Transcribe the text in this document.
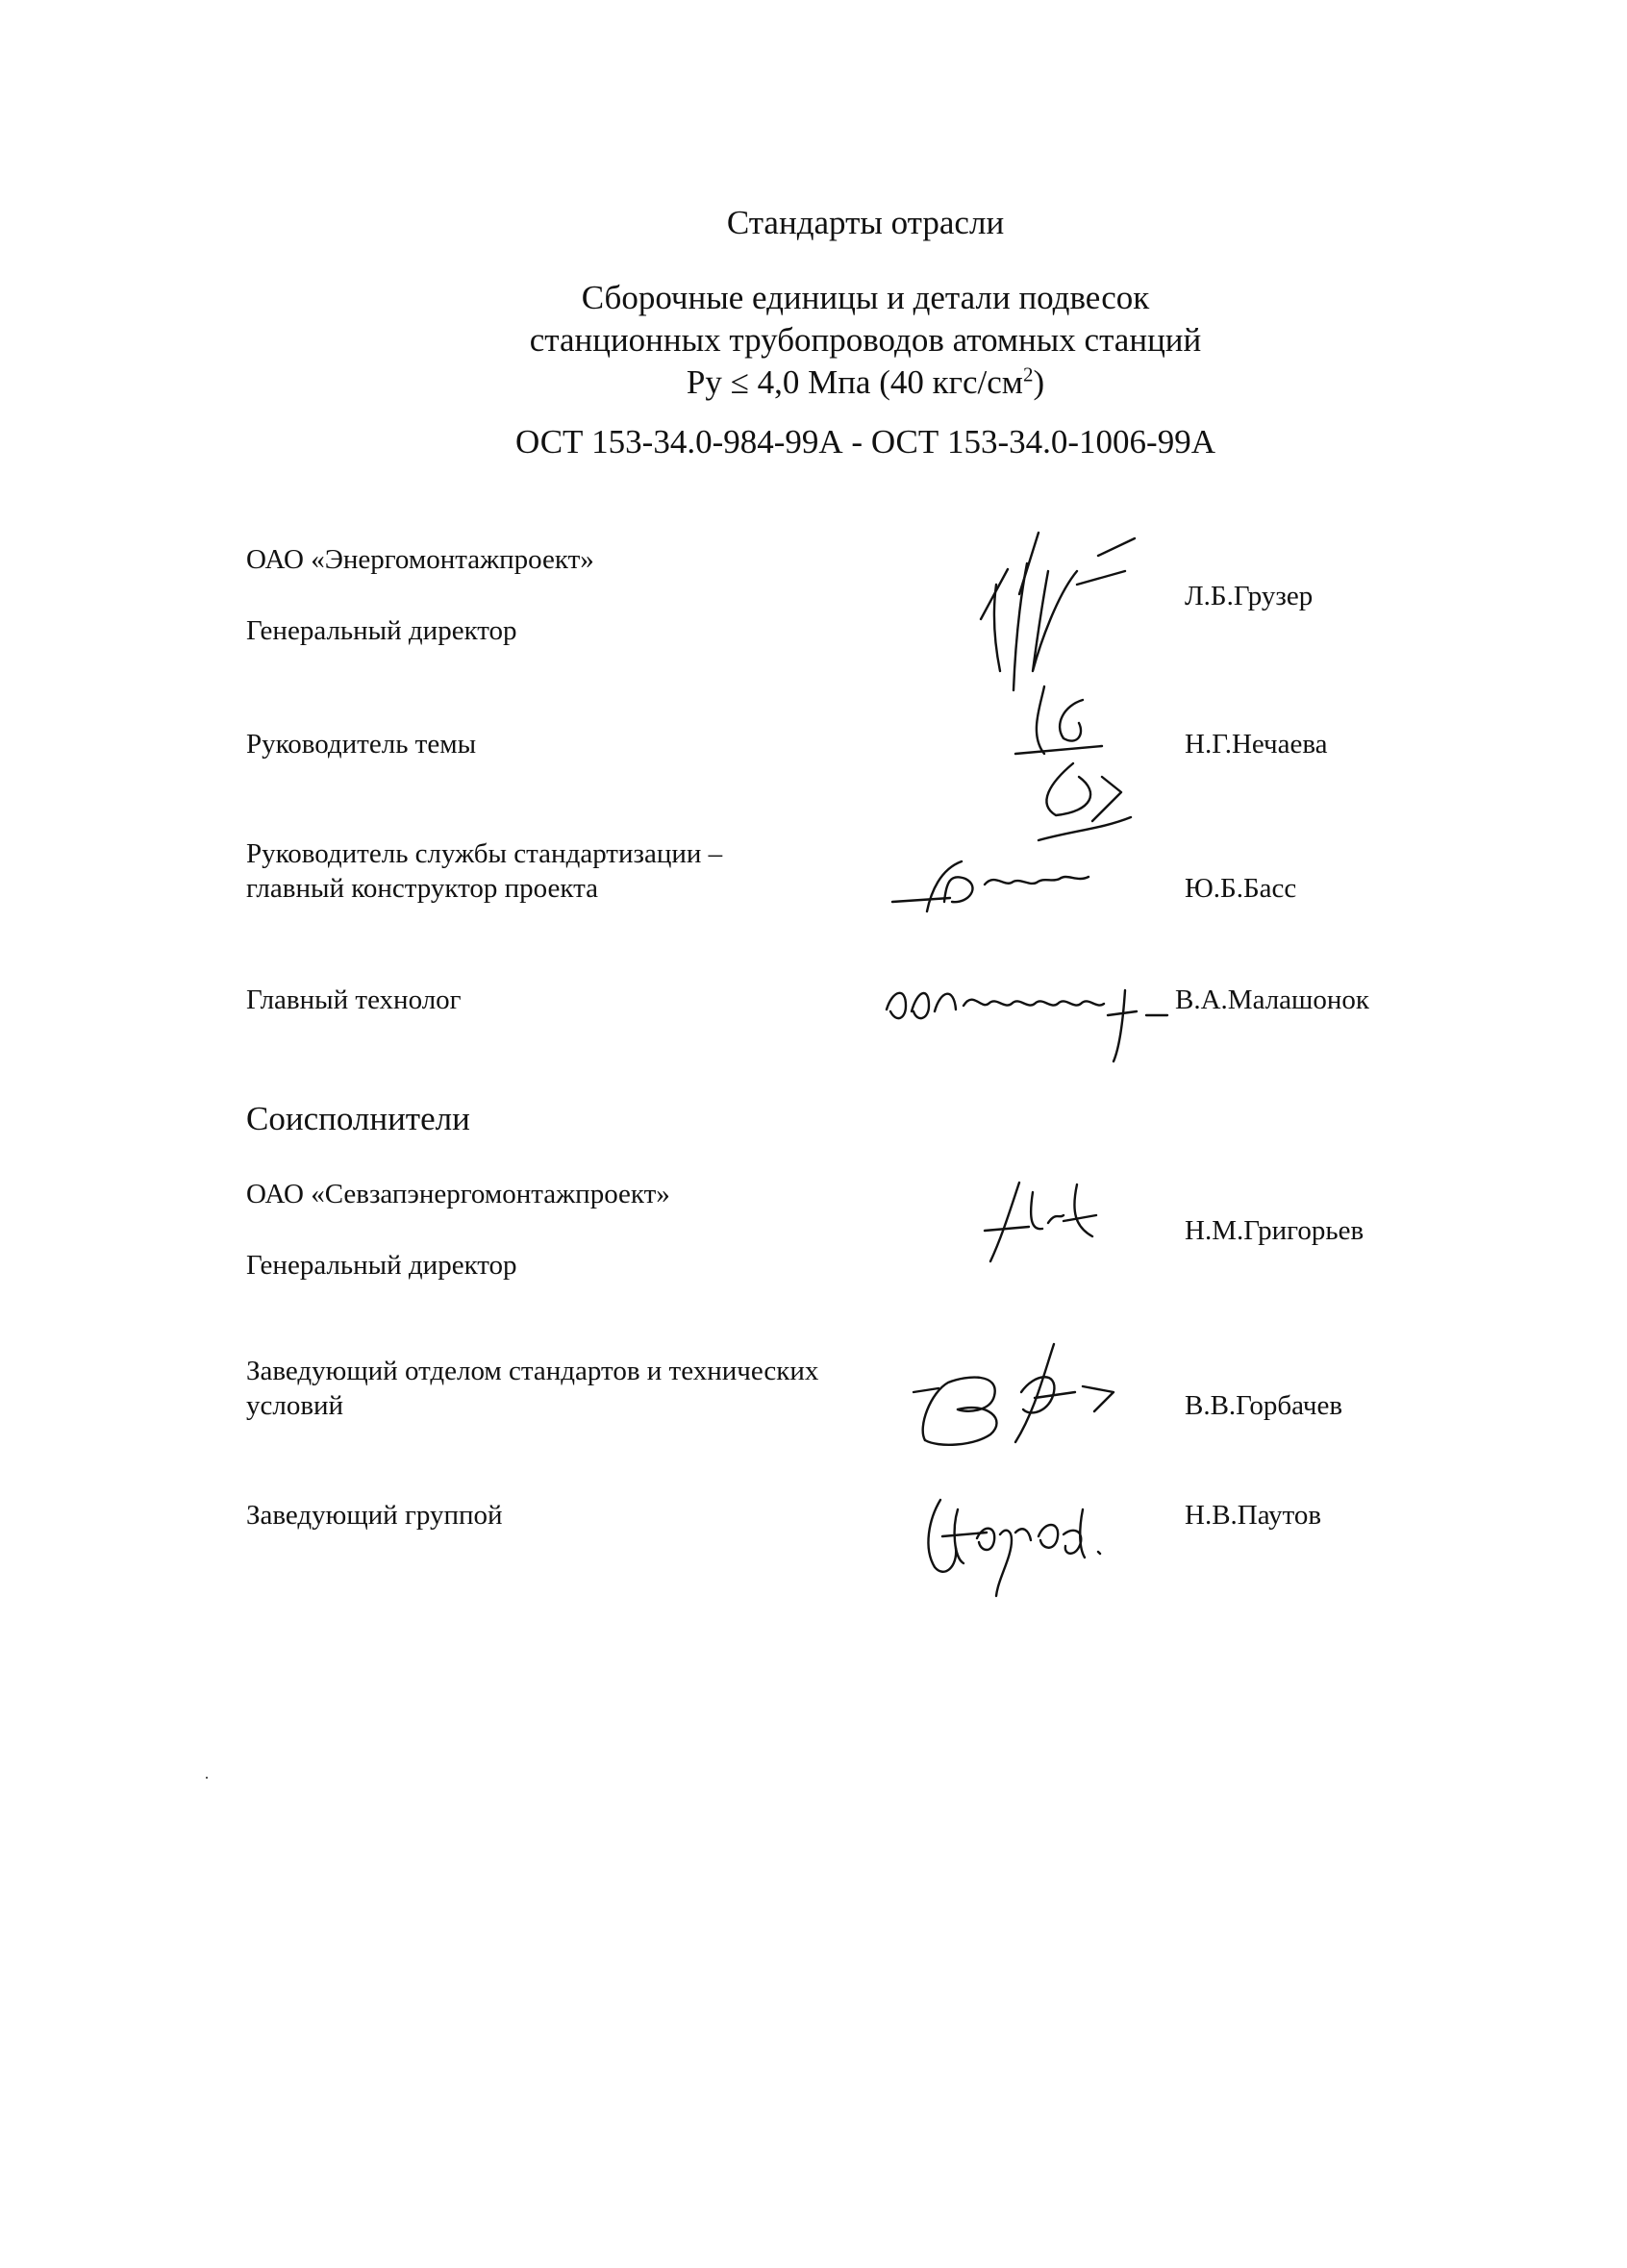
Стандарты отрасли
Сборочные единицы и детали подвесок
станционных трубопроводов атомных станций
Ру ≤ 4,0 Мпа (40 кгс/$см^2$)
ОСТ 153-34.0-984-99А - ОСТ 153-34.0-1006-99А
ОАО «Энергомонтажпроект»
Генеральный директор
Л.Б.Грузер
Руководитель темы	Н.Г.Нечаева
Руководитель службы стандартизации –
главный конструктор проекта	Ю.Б.Басс
Главный технолог	В.А.Малашонок
Соисполнители
ОАО «Севзапэнергомонтажпроект»
Генеральный директор
Н.М.Григорьев
Заведующий отделом стандартов и технических
условий	В.В.Горбачев
Заведующий группой	Н.В.Паутов
